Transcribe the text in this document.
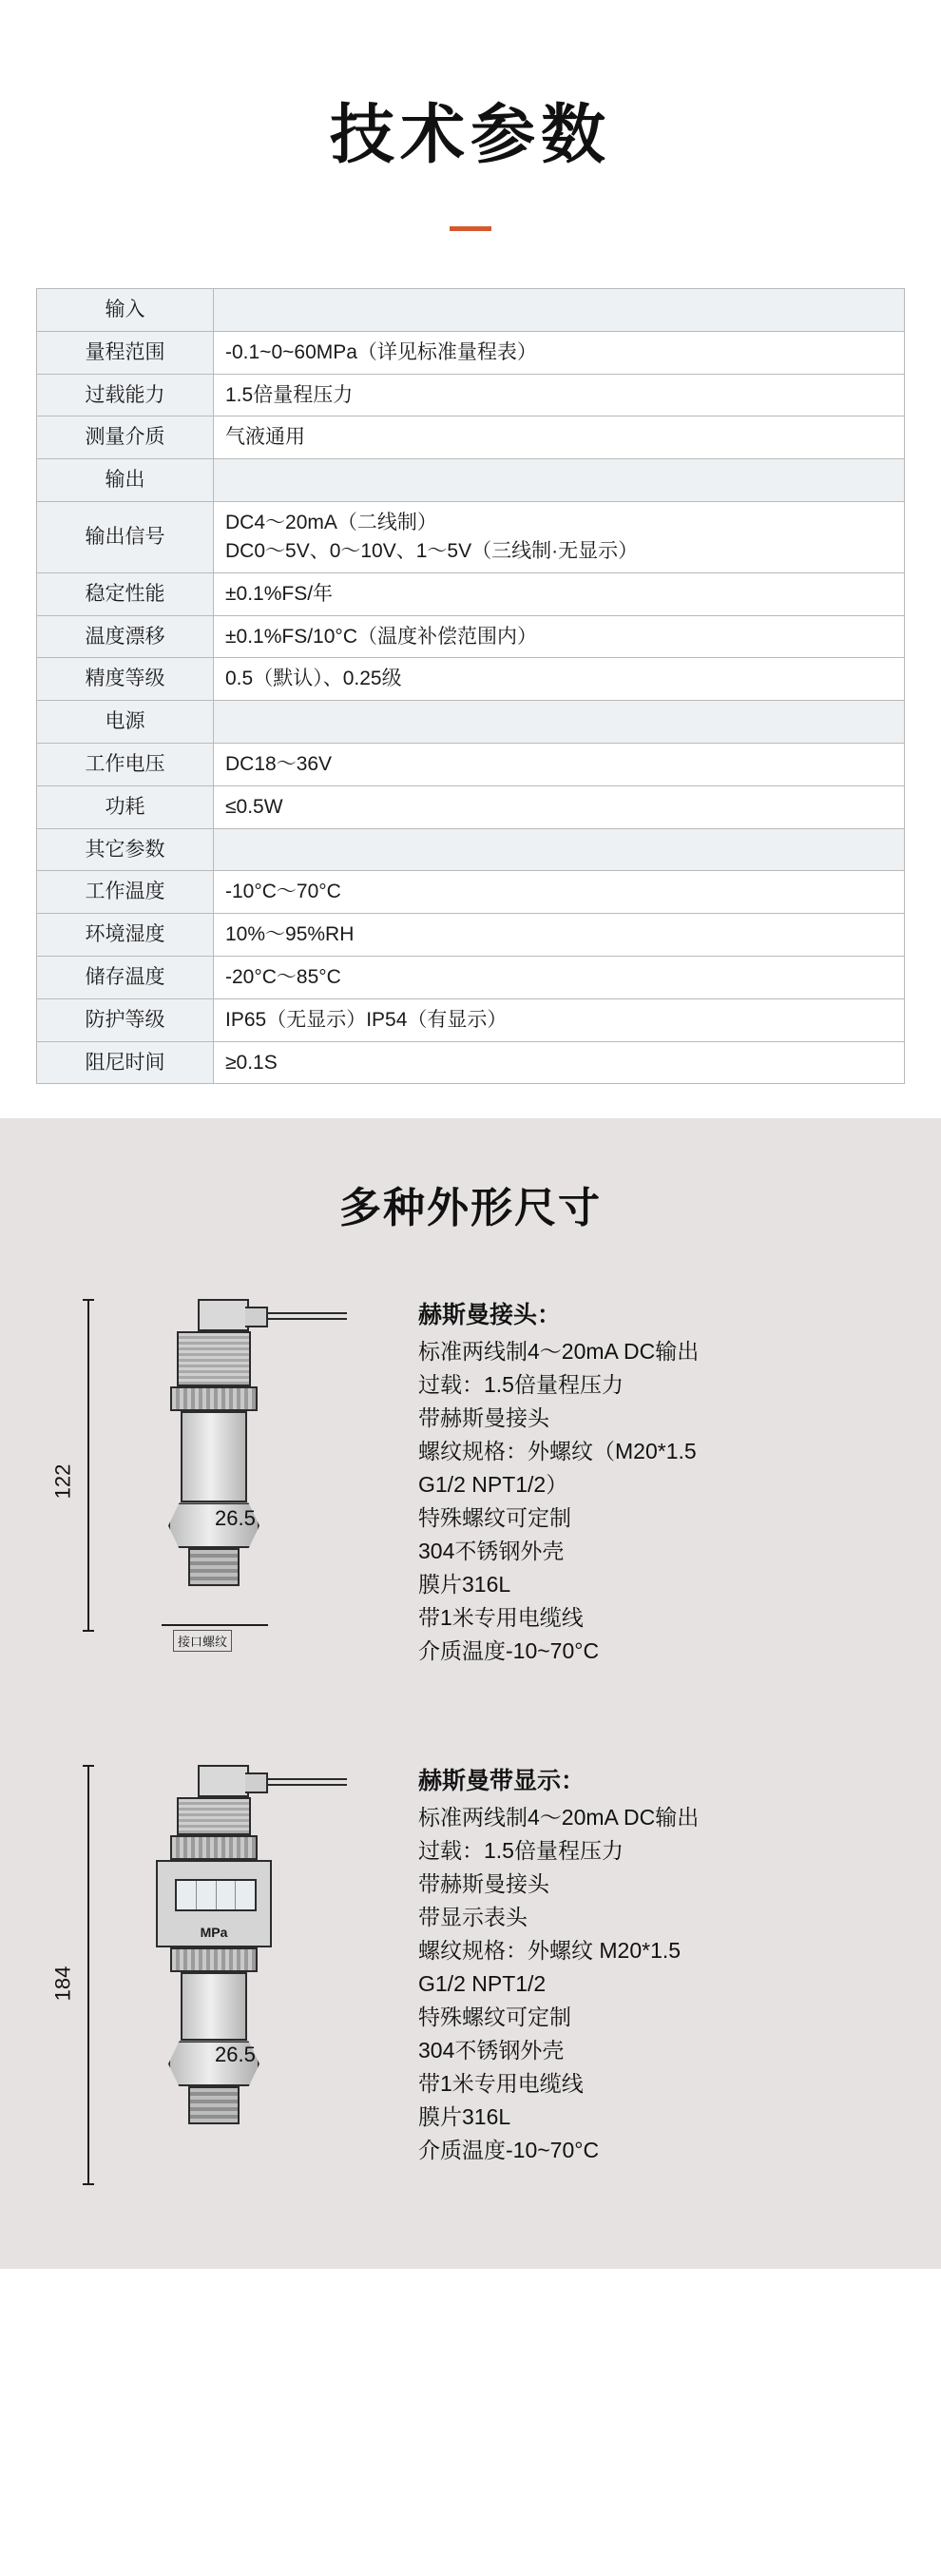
技术参数
输入	
量程范围	-0.1~0~60MPa（详见标准量程表）
过载能力	1.5倍量程压力
测量介质	气液通用
输出	
输出信号	DC4～20mA（二线制）
DC0～5V、0～10V、1～5V（三线制·无显示）
稳定性能	±0.1%FS/年
温度漂移	±0.1%FS/10°C（温度补偿范围内）
精度等级	0.5（默认）、0.25级
电源	
工作电压	DC18～36V
功耗	≤0.5W
其它参数	
工作温度	-10°C～70°C
环境湿度	10%～95%RH
储存温度	-20°C～85°C
防护等级	IP65（无显示）IP54（有显示）
阻尼时间	≥0.1S
多种外形尺寸
122
26.5
接口螺纹

赫斯曼接头：

标准两线制4～20mA DC输出

过载：1.5倍量程压力

带赫斯曼接头

螺纹规格：外螺纹（M20*1.5

G1/2 NPT1/2）

特殊螺纹可定制

304不锈钢外壳

膜片316L

带1米专用电缆线

介质温度-10~70°C

184
MPa
26.5

赫斯曼带显示：

标准两线制4～20mA DC输出

过载：1.5倍量程压力

带赫斯曼接头

带显示表头

螺纹规格：外螺纹 M20*1.5

G1/2 NPT1/2

特殊螺纹可定制

304不锈钢外壳

带1米专用电缆线

膜片316L

介质温度-10~70°C
